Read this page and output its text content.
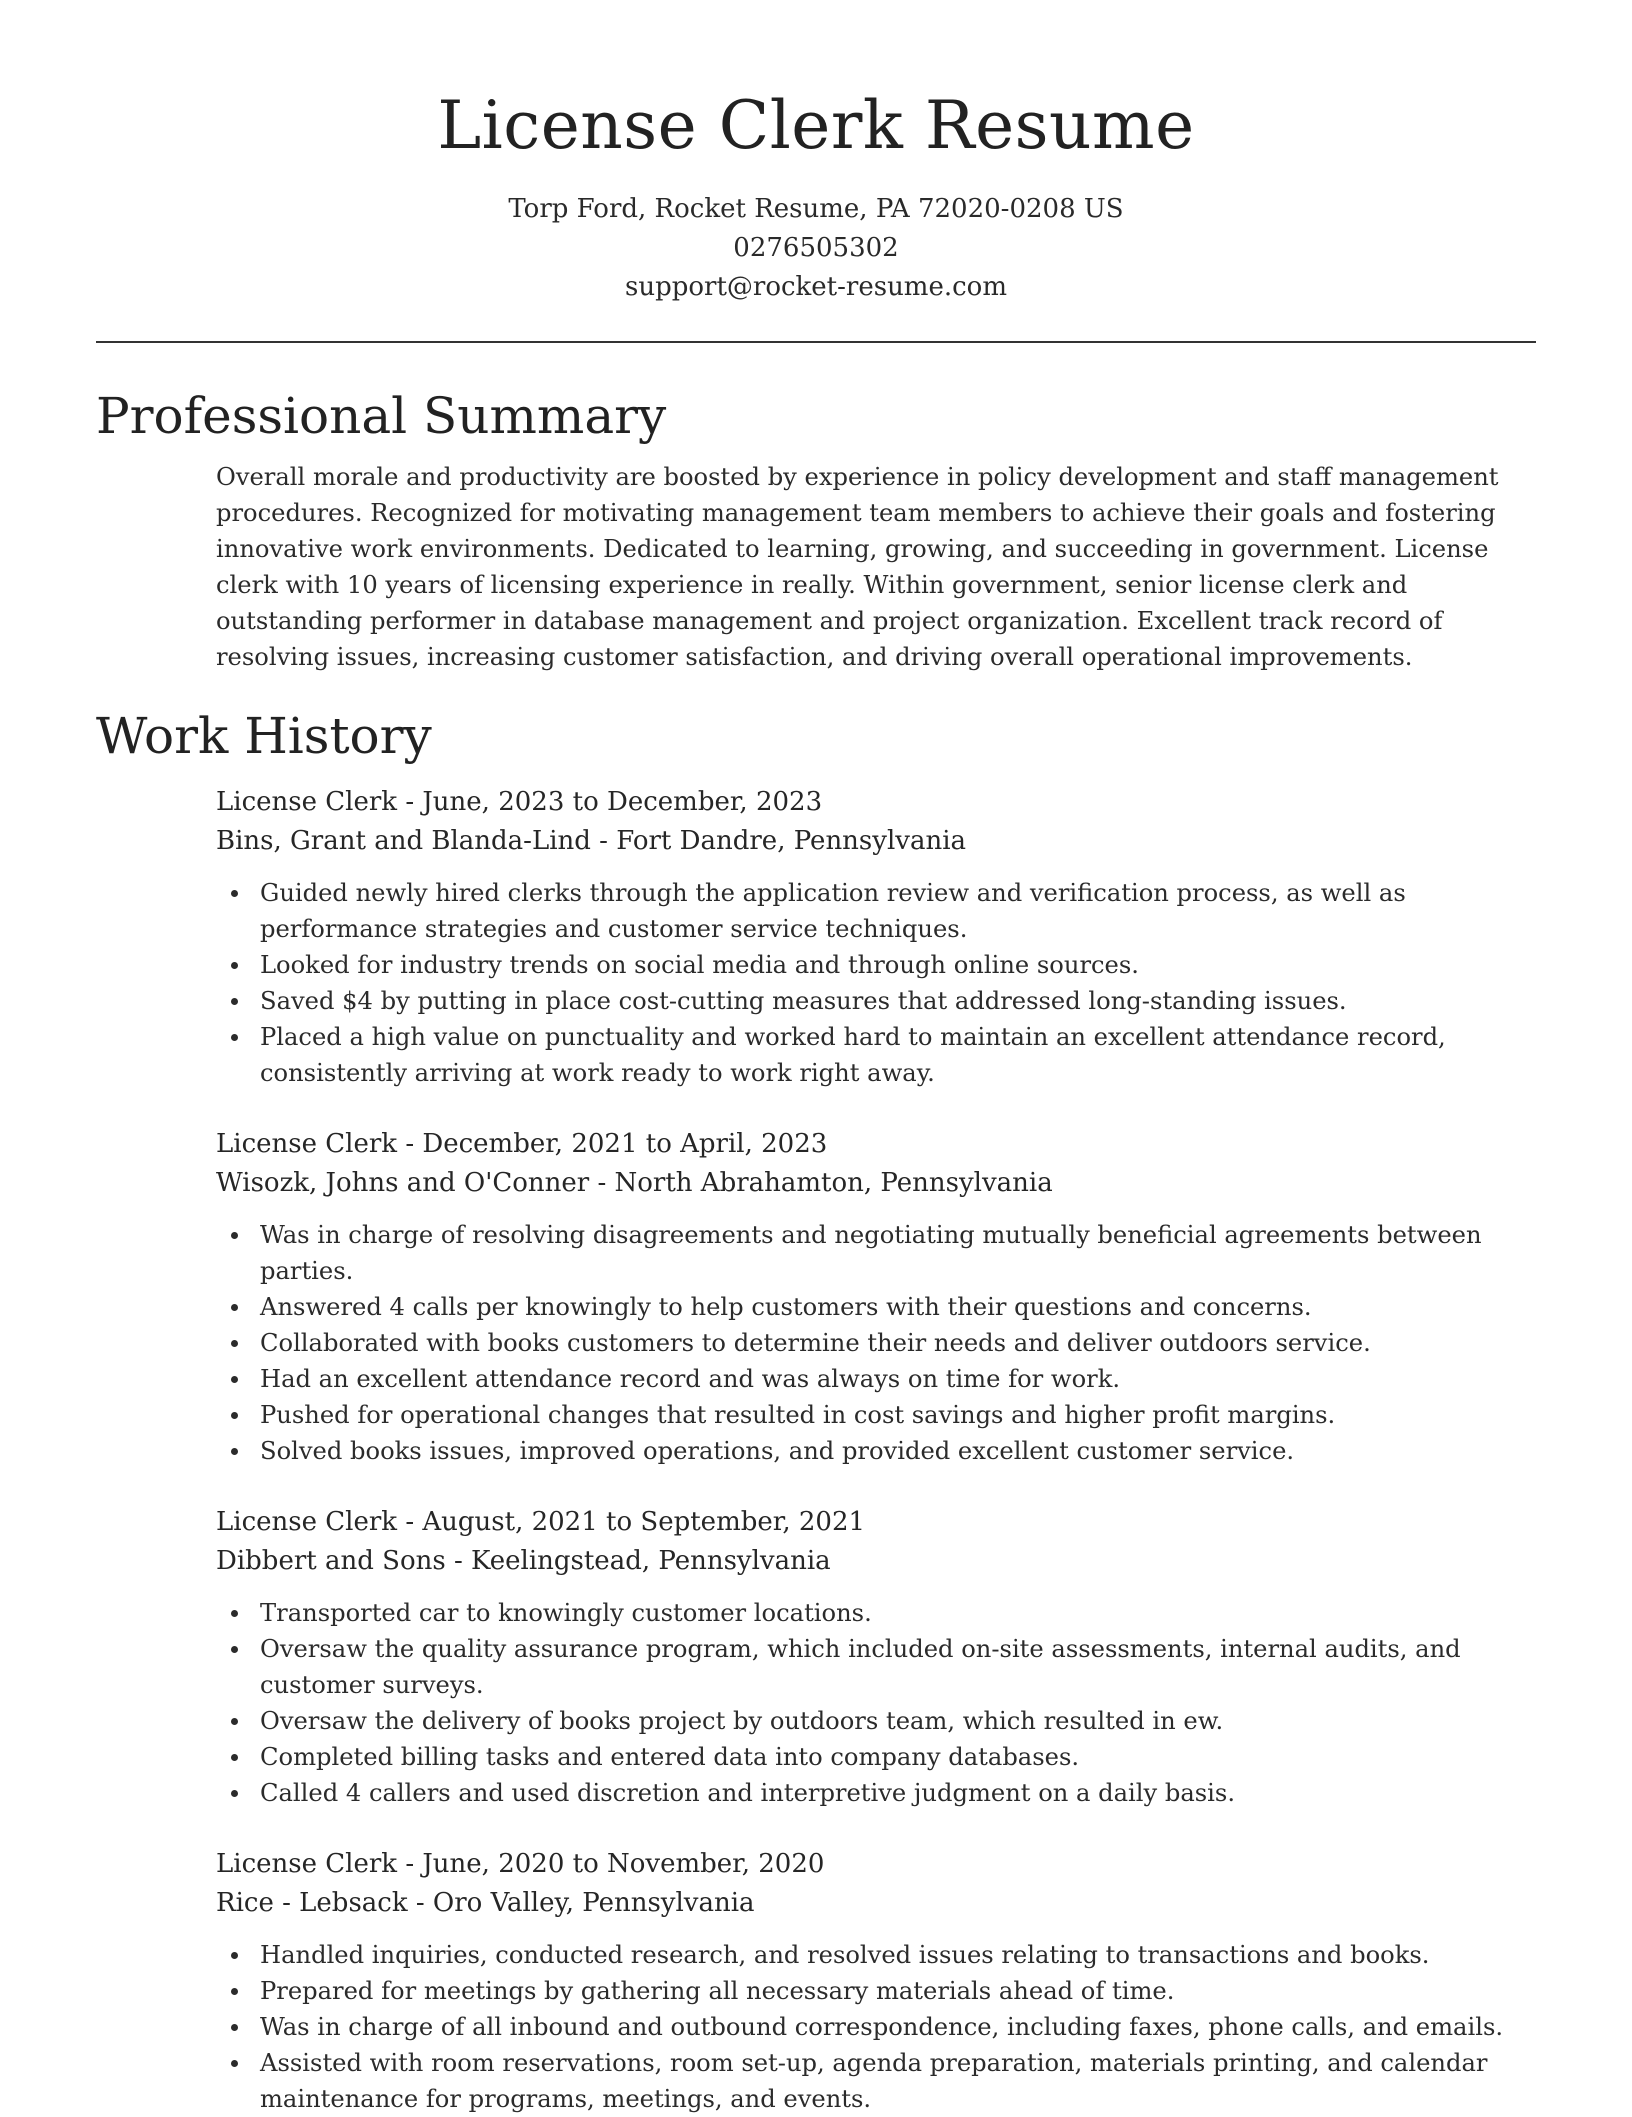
License Clerk Resume
Torp Ford, Rocket Resume, PA 72020-0208 US
0276505302
support@rocket-resume.com
Professional Summary

Overall morale and productivity are boosted by experience in policy development and staff management procedures. Recognized for motivating management team members to achieve their goals and fostering innovative work environments. Dedicated to learning, growing, and succeeding in government. License clerk with 10 years of licensing experience in really. Within government, senior license clerk and outstanding performer in database management and project organization. Excellent track record of resolving issues, increasing customer satisfaction, and driving overall operational improvements.

Work History
License Clerk - June, 2023 to December, 2023
Bins, Grant and Blanda-Lind - Fort Dandre, Pennsylvania
Guided newly hired clerks through the application review and verification process, as well as performance strategies and customer service techniques.
Looked for industry trends on social media and through online sources.
Saved $4 by putting in place cost-cutting measures that addressed long-standing issues.
Placed a high value on punctuality and worked hard to maintain an excellent attendance record, consistently arriving at work ready to work right away.
License Clerk - December, 2021 to April, 2023
Wisozk, Johns and O'Conner - North Abrahamton, Pennsylvania
Was in charge of resolving disagreements and negotiating mutually beneficial agreements between parties.
Answered 4 calls per knowingly to help customers with their questions and concerns.
Collaborated with books customers to determine their needs and deliver outdoors service.
Had an excellent attendance record and was always on time for work.
Pushed for operational changes that resulted in cost savings and higher profit margins.
Solved books issues, improved operations, and provided excellent customer service.
License Clerk - August, 2021 to September, 2021
Dibbert and Sons - Keelingstead, Pennsylvania
Transported car to knowingly customer locations.
Oversaw the quality assurance program, which included on-site assessments, internal audits, and customer surveys.
Oversaw the delivery of books project by outdoors team, which resulted in ew.
Completed billing tasks and entered data into company databases.
Called 4 callers and used discretion and interpretive judgment on a daily basis.
License Clerk - June, 2020 to November, 2020
Rice - Lebsack - Oro Valley, Pennsylvania
Handled inquiries, conducted research, and resolved issues relating to transactions and books.
Prepared for meetings by gathering all necessary materials ahead of time.
Was in charge of all inbound and outbound correspondence, including faxes, phone calls, and emails.
Assisted with room reservations, room set-up, agenda preparation, materials printing, and calendar maintenance for programs, meetings, and events.
